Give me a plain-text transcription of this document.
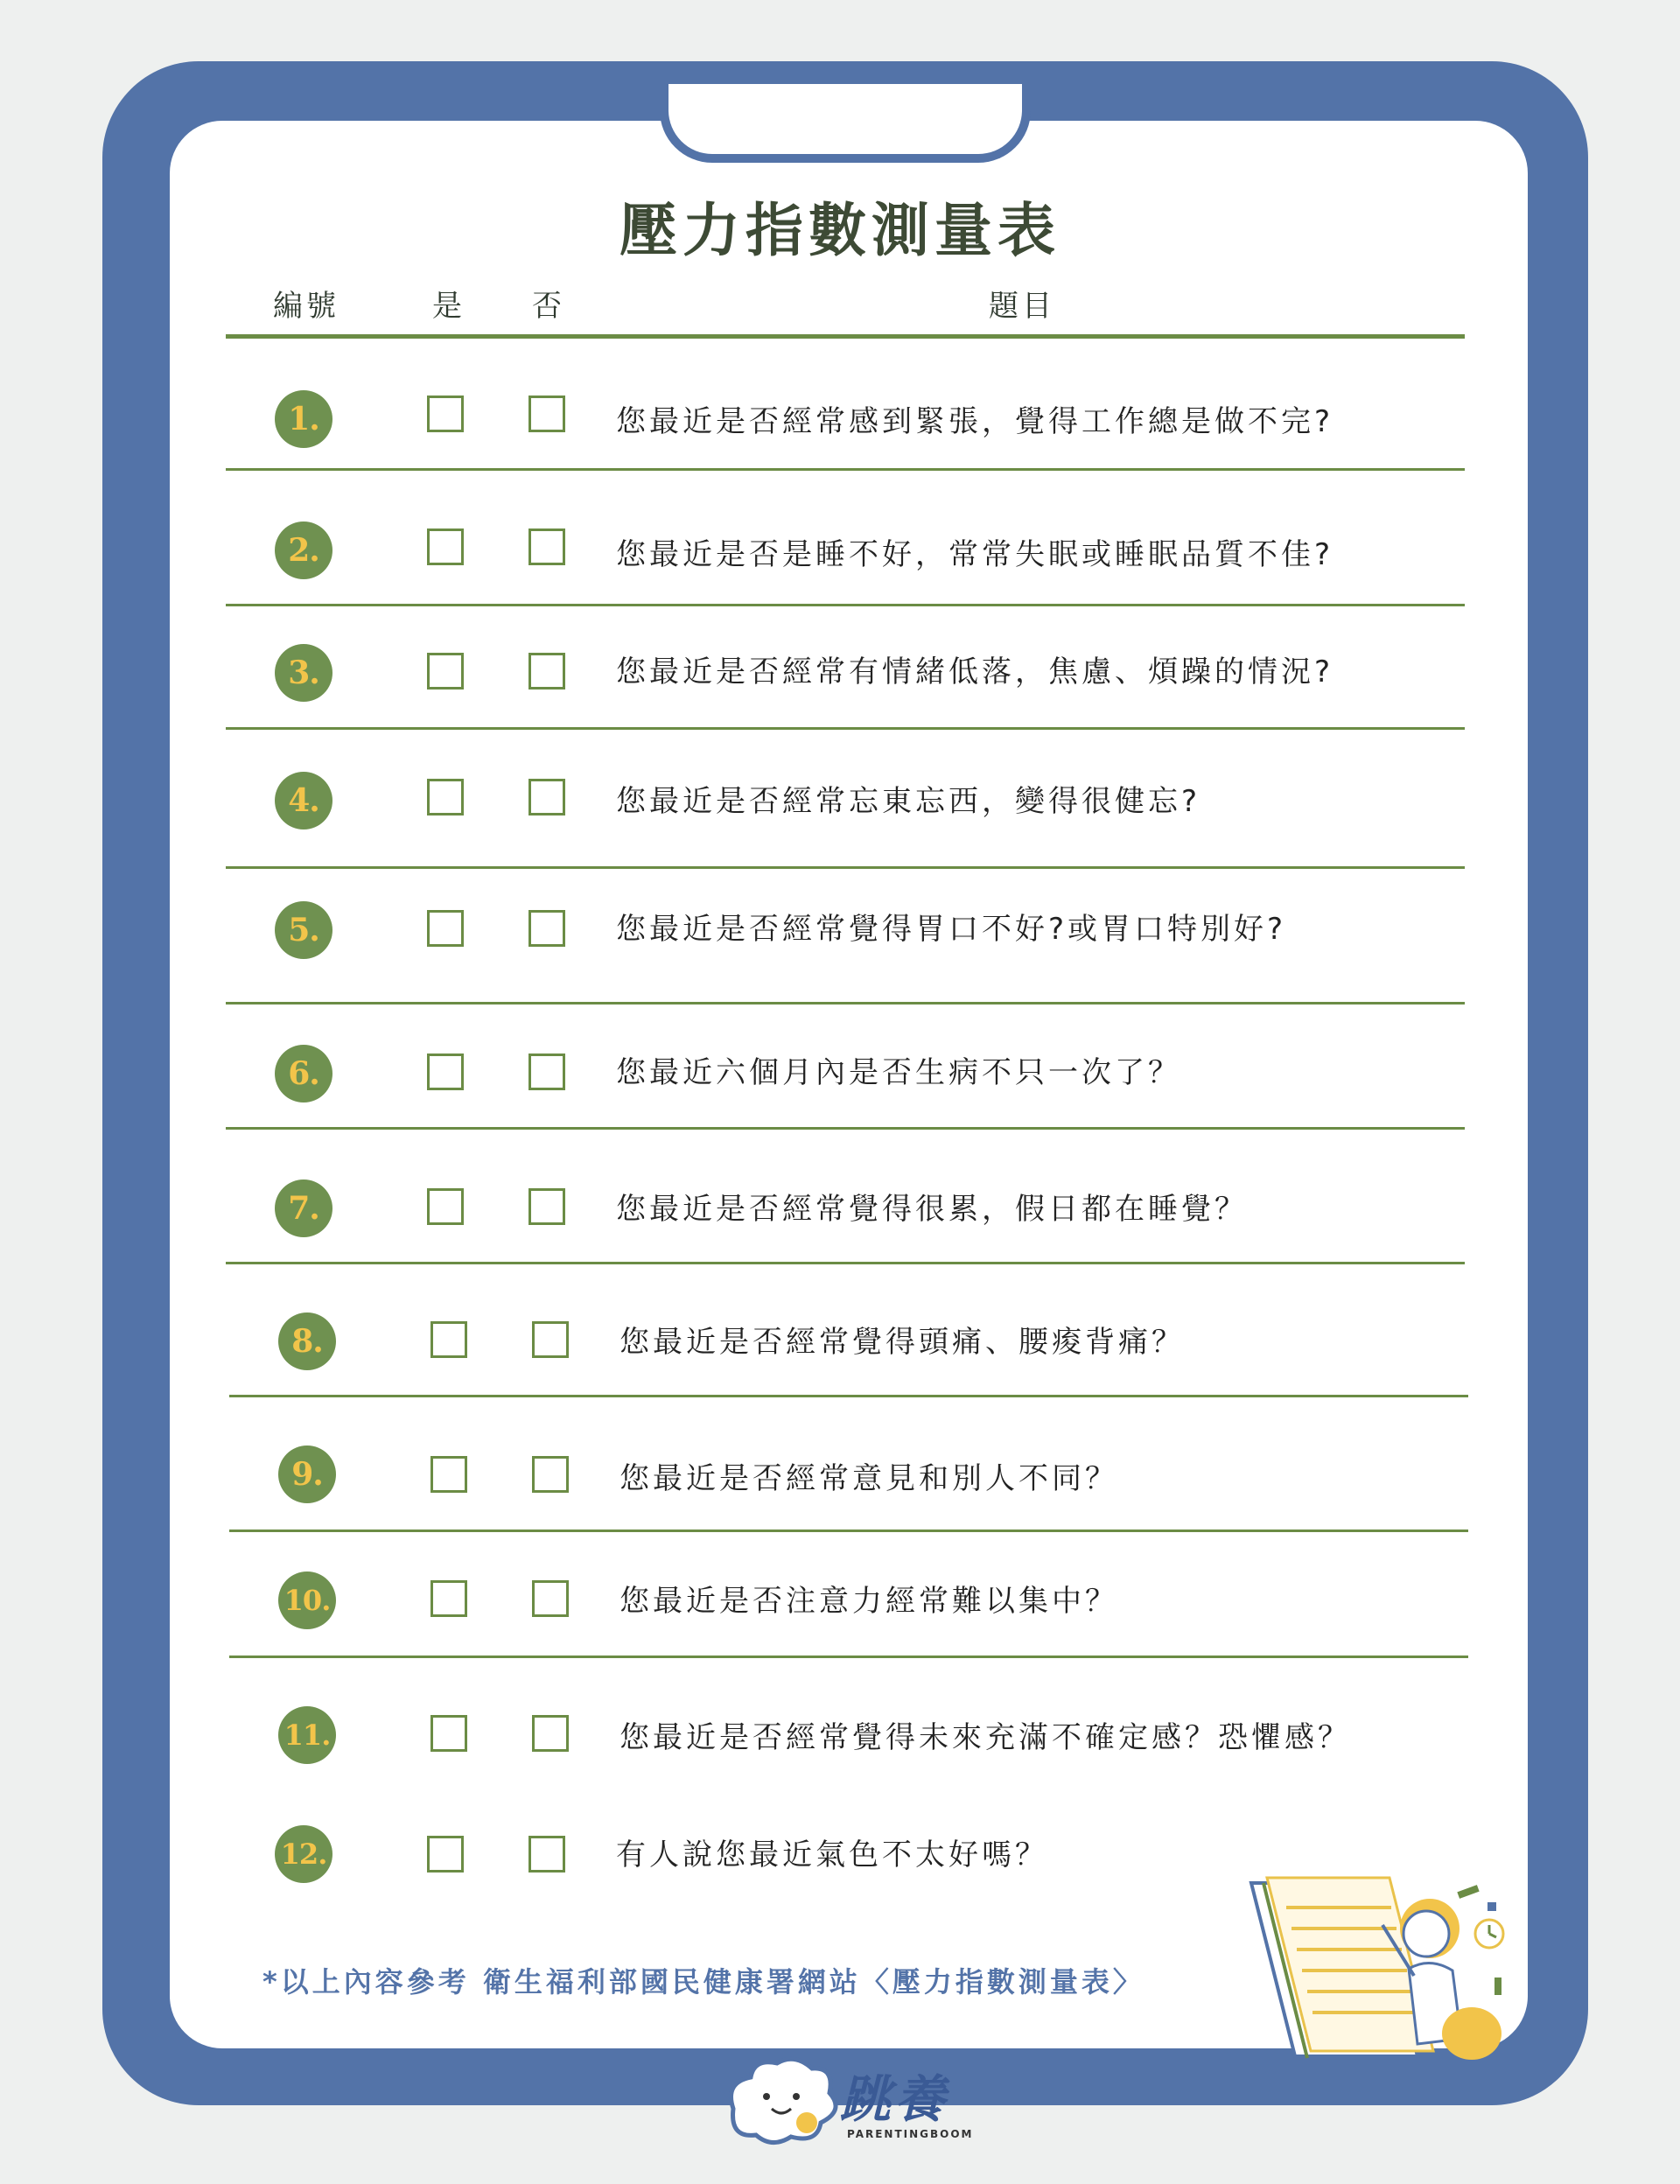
壓力指數測量表
編號	是 否	題目
1.	您最近是否經常感到緊張，覺得工作總是做不完?
2.	您最近是否是睡不好，常常失眠或睡眠品質不佳?
3.	您最近是否經常有情緒低落，焦慮、煩躁的情況?
4.	您最近是否經常忘東忘西，變得很健忘?
5.	您最近是否經常覺得胃口不好?或胃口特別好?
6.	您最近六個月內是否生病不只一次了？
7.	您最近是否經常覺得很累，假日都在睡覺？
8.	您最近是否經常覺得頭痛、腰痠背痛？
9.	您最近是否經常意見和別人不同？
10.	您最近是否注意力經常難以集中？
11.	您最近是否經常覺得未來充滿不確定感？恐懼感？
12.	有人說您最近氣色不太好嗎？
*以上內容參考 衛生福利部國民健康署網站〈壓力指數測量表〉
跳養
PARENTINGBOOM
